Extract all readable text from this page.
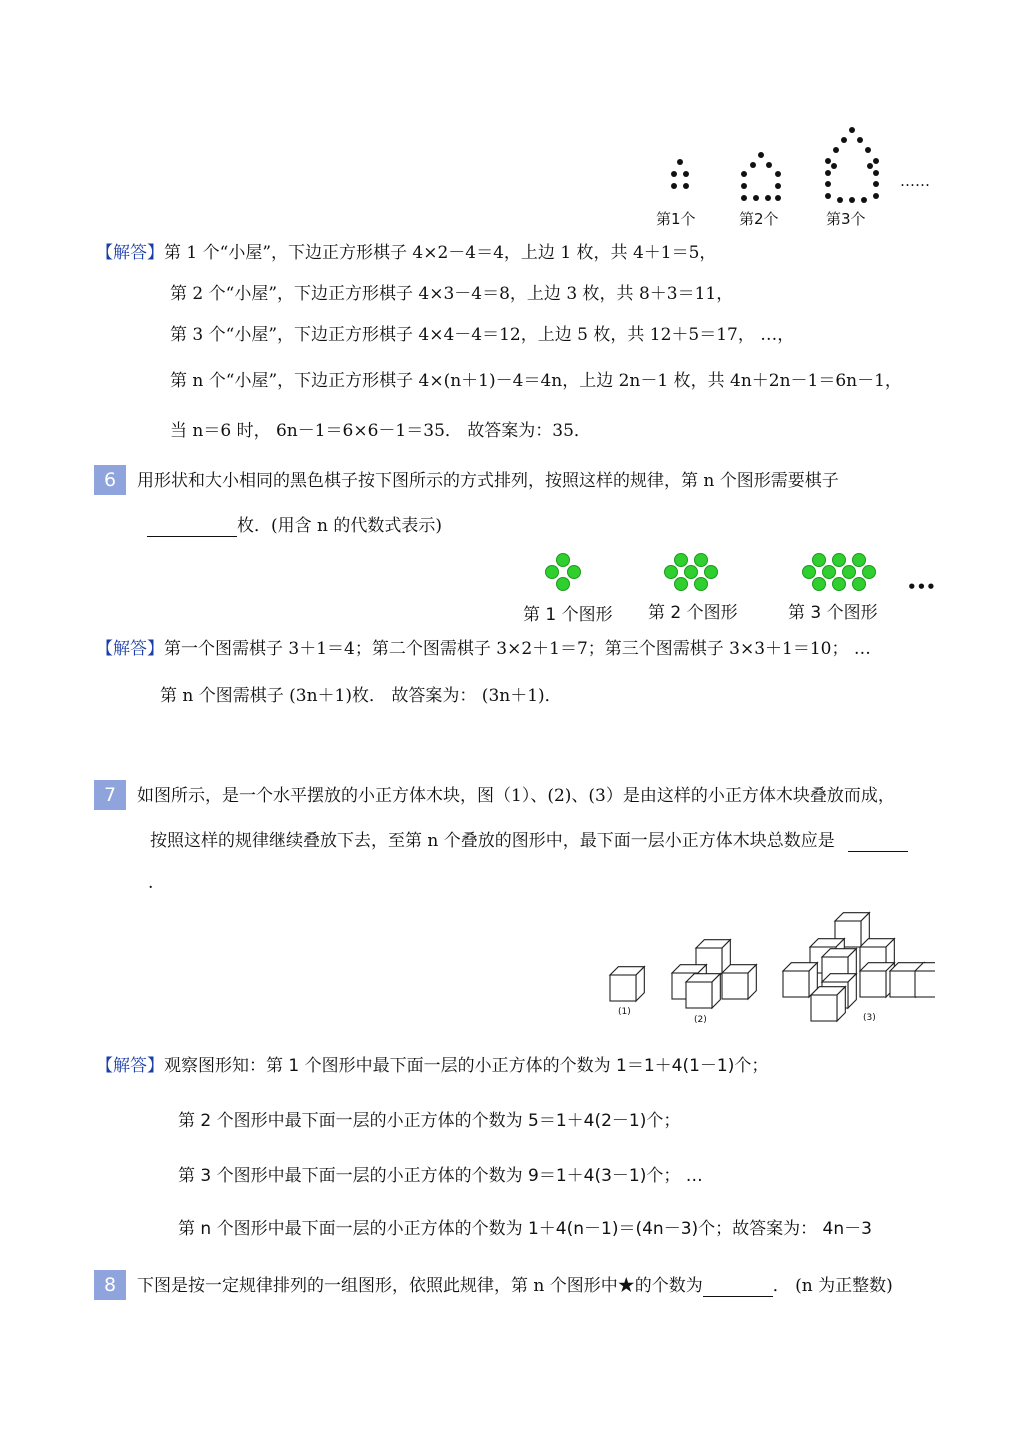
第1个	第2个	第3个
……
【解答】第 1 个“小屋”，下边正方形棋子 4×2－4＝4，上边 1 枚，共 4＋1＝5，
第 2 个“小屋”，下边正方形棋子 4×3－4＝8，上边 3 枚，共 8＋3＝11，
第 3 个“小屋”，下边正方形棋子 4×4－4＝12，上边 5 枚，共 12＋5＝17， …，
第 n 个“小屋”，下边正方形棋子 4×(n＋1)－4＝4n，上边 2n－1 枚，共 4n＋2n－1＝6n－1，
当 n＝6 时， 6n－1＝6×6－1＝35． 故答案为：35．
6	用形状和大小相同的黑色棋子按下图所示的方式排列，按照这样的规律，第 n 个图形需要棋子
枚．(用含 n 的代数式表示)
第 1 个图形 第 2 个图形	第 3 个图形
•••
【解答】第一个图需棋子 3＋1＝4；第二个图需棋子 3×2＋1＝7；第三个图需棋子 3×3＋1＝10； …
第 n 个图需棋子 (3n＋1)枚． 故答案为： (3n＋1)．
7	如图所示，是一个水平摆放的小正方体木块，图（1）、(2)、(3）是由这样的小正方体木块叠放而成，
按照这样的规律继续叠放下去，至第 n 个叠放的图形中，最下面一层小正方体木块总数应是
.
(1)
(2)	(3)
【解答】观察图形知：第 1 个图形中最下面一层的小正方体的个数为 1＝1＋4(1－1)个；
第 2 个图形中最下面一层的小正方体的个数为 5＝1＋4(2－1)个；
第 3 个图形中最下面一层的小正方体的个数为 9＝1＋4(3－1)个； …
第 n 个图形中最下面一层的小正方体的个数为 1＋4(n－1)＝(4n－3)个；故答案为： 4n－3
8	下图是按一定规律排列的一组图形，依照此规律，第 n 个图形中★的个数为	． (n 为正整数)
